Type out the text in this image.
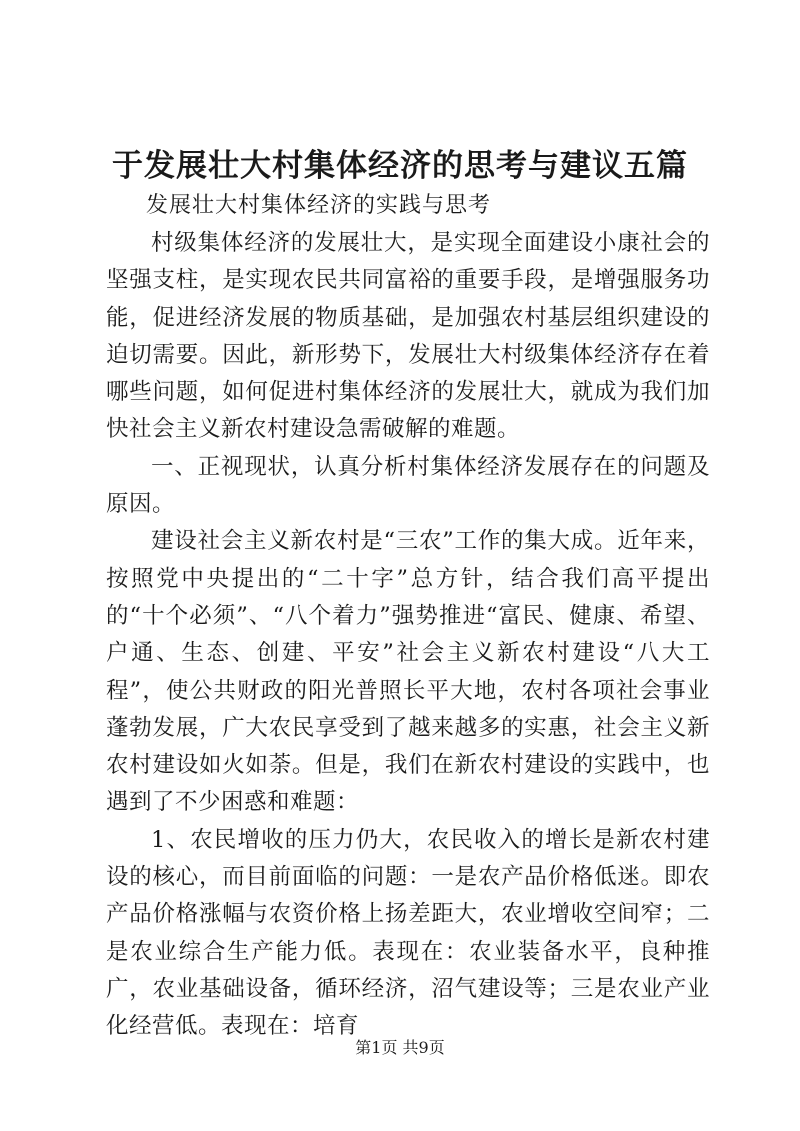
于发展壮大村集体经济的思考与建议五篇

发展壮大村集体经济的实践与思考

村级集体经济的发展壮大，是实现全面建设小康社会的坚强支柱，是实现农民共同富裕的重要手段，是增强服务功能，促进经济发展的物质基础，是加强农村基层组织建设的迫切需要。因此，新形势下，发展壮大村级集体经济存在着哪些问题，如何促进村集体经济的发展壮大，就成为我们加快社会主义新农村建设急需破解的难题。

一、正视现状，认真分析村集体经济发展存在的问题及原因。

建设社会主义新农村是“三农”工作的集大成。近年来，按照党中央提出的“二十字”总方针，结合我们高平提出的“十个必须”、“八个着力”强势推进“富民、健康、希望、户通、生态、创建、平安”社会主义新农村建设“八大工程”，使公共财政的阳光普照长平大地，农村各项社会事业蓬勃发展，广大农民享受到了越来越多的实惠，社会主义新农村建设如火如荼。但是，我们在新农村建设的实践中，也遇到了不少困惑和难题：

1、农民增收的压力仍大，农民收入的增长是新农村建设的核心，而目前面临的问题：一是农产品价格低迷。即农产品价格涨幅与农资价格上扬差距大，农业增收空间窄；二是农业综合生产能力低。表现在：农业装备水平，良种推广，农业基础设备，循环经济，沼气建设等；三是农业产业化经营低。表现在：培育

第1页 共9页
